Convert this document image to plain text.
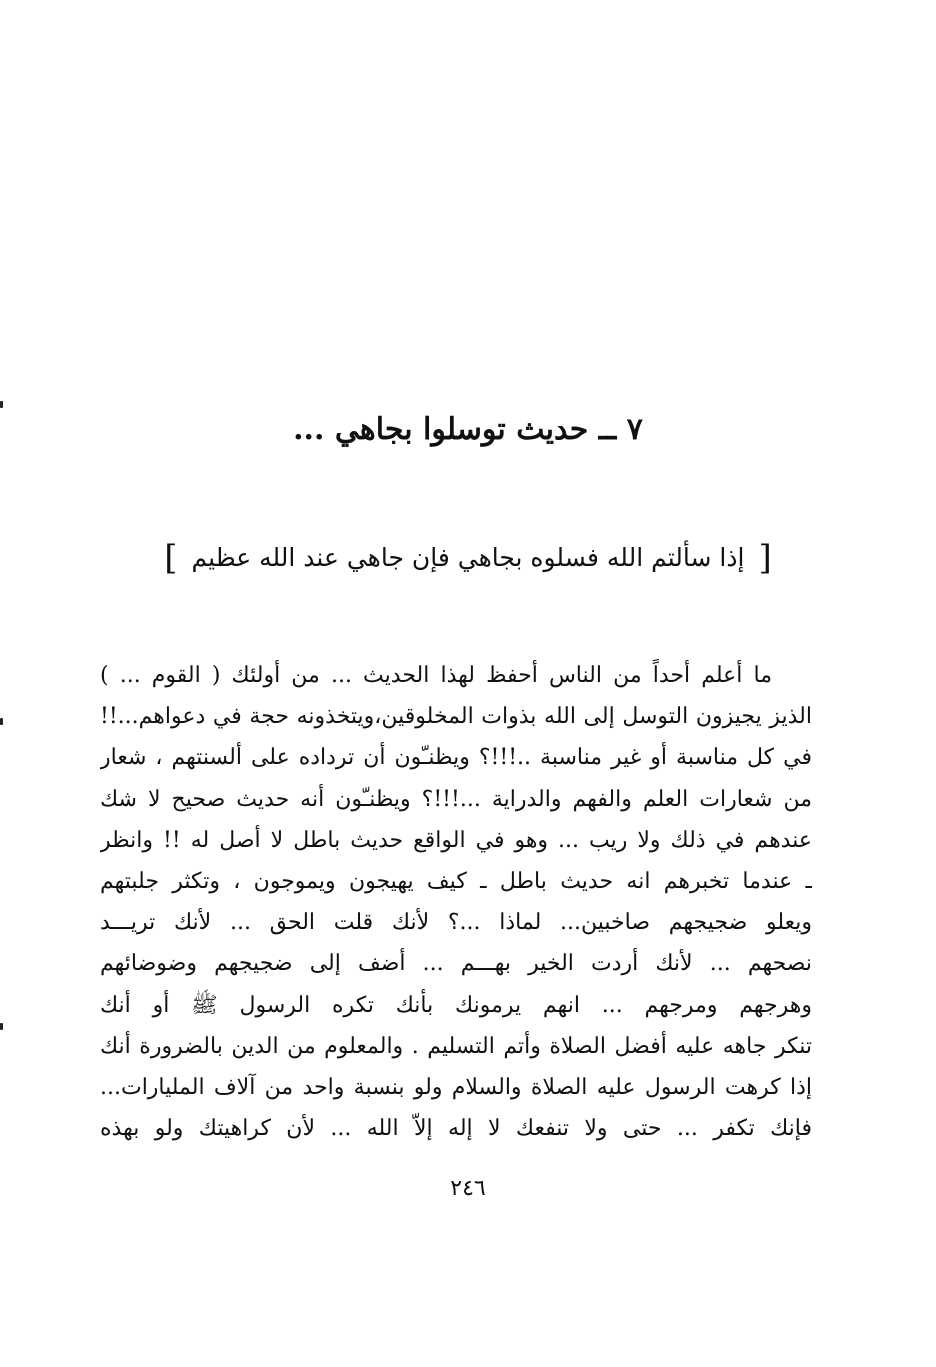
٧ ــ حديث توسلوا بجاهي ...
[إذا سألتم الله فسلوه بجاهي فإن جاهي عند الله عظيم]
ما أعلم أحداً من الناس أحفظ لهذا الحديث ... من أولئك ( القوم ... )
الذيز يجيزون التوسل إلى الله بذوات المخلوقين،ويتخذونه حجة في دعواهم...!!
في كل مناسبة أو غير مناسبة ..!!!؟ ويظنـّون أن ترداده على ألسنتهم ، شعار
من شعارات العلم والفهم والدراية ...!!!؟ ويظنـّون أنه حديث صحيح لا شك
عندهم في ذلك ولا ريب ... وهو في الواقع حديث باطل لا أصل له !! وانظر
ـ عندما تخبرهم انه حديث باطل ـ كيف يهيجون ويموجون ، وتكثر جلبتهم
ويعلو ضجيجهم صاخبين... لماذا ...؟ لأنك قلت الحق ... لأنك تريـــد
نصحهم ... لأنك أردت الخير بهـــم ... أضف إلى ضجيجهم وضوضائهم
وهرجهم ومرجهم ... انهم يرمونك بأنك تكره الرسول ﷺ أو أنك
تنكر جاهه عليه أفضل الصلاة وأتم التسليم . والمعلوم من الدين بالضرورة أنك
إذا كرهت الرسول عليه الصلاة والسلام ولو بنسبة واحد من آلاف المليارات...
فإنك تكفر ... حتى ولا تنفعك لا إله إلاّ الله ... لأن كراهيتك ولو بهذه
٢٤٦
